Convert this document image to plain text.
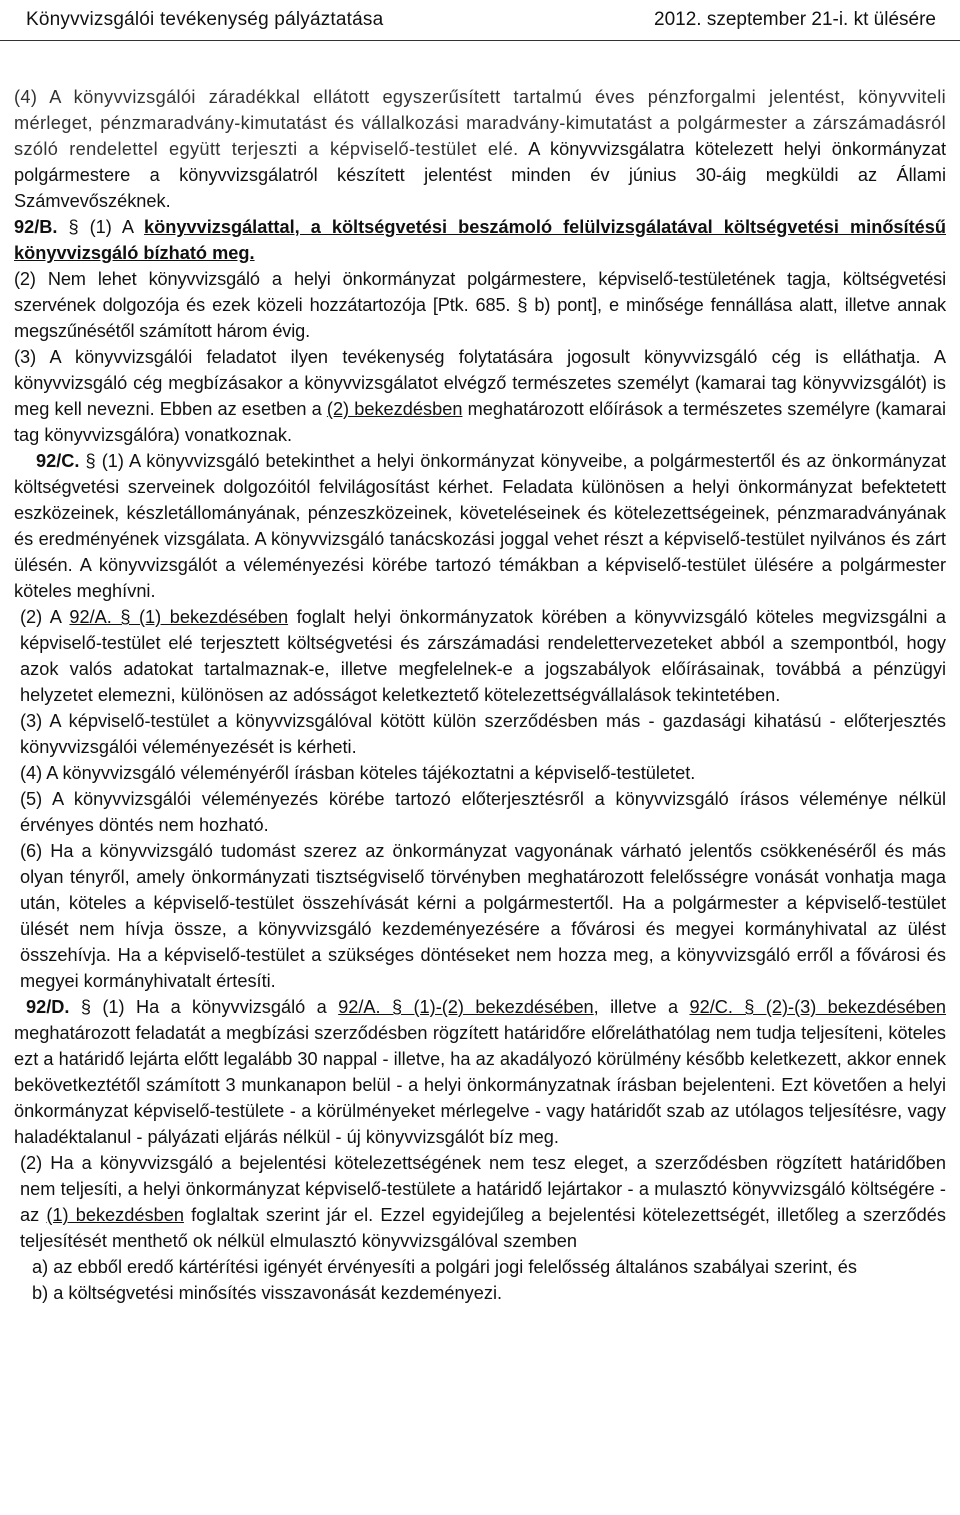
Könyvvizsgálói tevékenység pályáztatása	2012. szeptember 21-i. kt ülésére

(4) A könyvvizsgálói záradékkal ellátott egyszerűsített tartalmú éves pénzforgalmi jelentést, könyvviteli mérleget, pénzmaradvány-kimutatást és vállalkozási maradvány-kimutatást a polgármester a zárszámadásról szóló rendelettel együtt terjeszti a képviselő-testület elé. A könyvvizsgálatra kötelezett helyi önkormányzat polgármestere a könyvvizsgálatról készített jelentést minden év június 30-áig megküldi az Állami Számvevőszéknek.

92/B. § (1) A könyvvizsgálattal, a költségvetési beszámoló felülvizsgálatával költségvetési minősítésű könyvvizsgáló bízható meg.

(2) Nem lehet könyvvizsgáló a helyi önkormányzat polgármestere, képviselő-testületének tagja, költségvetési szervének dolgozója és ezek közeli hozzátartozója [Ptk. 685. § b) pont], e minősége fennállása alatt, illetve annak megszűnésétől számított három évig.

(3) A könyvvizsgálói feladatot ilyen tevékenység folytatására jogosult könyvvizsgáló cég is elláthatja. A könyvvizsgáló cég megbízásakor a könyvvizsgálatot elvégző természetes személyt (kamarai tag könyvvizsgálót) is meg kell nevezni. Ebben az esetben a (2) bekezdésben meghatározott előírások a természetes személyre (kamarai tag könyvvizsgálóra) vonatkoznak.

92/C. § (1) A könyvvizsgáló betekinthet a helyi önkormányzat könyveibe, a polgármestertől és az önkormányzat költségvetési szerveinek dolgozóitól felvilágosítást kérhet. Feladata különösen a helyi önkormányzat befektetett eszközeinek, készletállományának, pénzeszközeinek, követeléseinek és kötelezettségeinek, pénzmaradványának és eredményének vizsgálata. A könyvvizsgáló tanácskozási joggal vehet részt a képviselő-testület nyilvános és zárt ülésén. A könyvvizsgálót a véleményezési körébe tartozó témákban a képviselő-testület ülésére a polgármester köteles meghívni.

(2) A 92/A. § (1) bekezdésében foglalt helyi önkormányzatok körében a könyvvizsgáló köteles megvizsgálni a képviselő-testület elé terjesztett költségvetési és zárszámadási rendelettervezeteket abból a szempontból, hogy azok valós adatokat tartalmaznak-e, illetve megfelelnek-e a jogszabályok előírásainak, továbbá a pénzügyi helyzetet elemezni, különösen az adósságot keletkeztető kötelezettségvállalások tekintetében.

(3) A képviselő-testület a könyvvizsgálóval kötött külön szerződésben más - gazdasági kihatású - előterjesztés könyvvizsgálói véleményezését is kérheti.

(4) A könyvvizsgáló véleményéről írásban köteles tájékoztatni a képviselő-testületet.

(5) A könyvvizsgálói véleményezés körébe tartozó előterjesztésről a könyvvizsgáló írásos véleménye nélkül érvényes döntés nem hozható.

(6) Ha a könyvvizsgáló tudomást szerez az önkormányzat vagyonának várható jelentős csökkenéséről és más olyan tényről, amely önkormányzati tisztségviselő törvényben meghatározott felelősségre vonását vonhatja maga után, köteles a képviselő-testület összehívását kérni a polgármestertől. Ha a polgármester a képviselő-testület ülését nem hívja össze, a könyvvizsgáló kezdeményezésére a fővárosi és megyei kormányhivatal az ülést összehívja. Ha a képviselő-testület a szükséges döntéseket nem hozza meg, a könyvvizsgáló erről a fővárosi és megyei kormányhivatalt értesíti.

92/D. § (1) Ha a könyvvizsgáló a 92/A. § (1)-(2) bekezdésében, illetve a 92/C. § (2)-(3) bekezdésében meghatározott feladatát a megbízási szerződésben rögzített határidőre előreláthatólag nem tudja teljesíteni, köteles ezt a határidő lejárta előtt legalább 30 nappal - illetve, ha az akadályozó körülmény később keletkezett, akkor ennek bekövetkeztétől számított 3 munkanapon belül - a helyi önkormányzatnak írásban bejelenteni. Ezt követően a helyi önkormányzat képviselő-testülete - a körülményeket mérlegelve - vagy határidőt szab az utólagos teljesítésre, vagy haladéktalanul - pályázati eljárás nélkül - új könyvvizsgálót bíz meg.

(2) Ha a könyvvizsgáló a bejelentési kötelezettségének nem tesz eleget, a szerződésben rögzített határidőben nem teljesíti, a helyi önkormányzat képviselő-testülete a határidő lejártakor - a mulasztó könyvvizsgáló költségére - az (1) bekezdésben foglaltak szerint jár el. Ezzel egyidejűleg a bejelentési kötelezettségét, illetőleg a szerződés teljesítését menthető ok nélkül elmulasztó könyvvizsgálóval szemben

a) az ebből eredő kártérítési igényét érvényesíti a polgári jogi felelősség általános szabályai szerint, és

b) a költségvetési minősítés visszavonását kezdeményezi.
